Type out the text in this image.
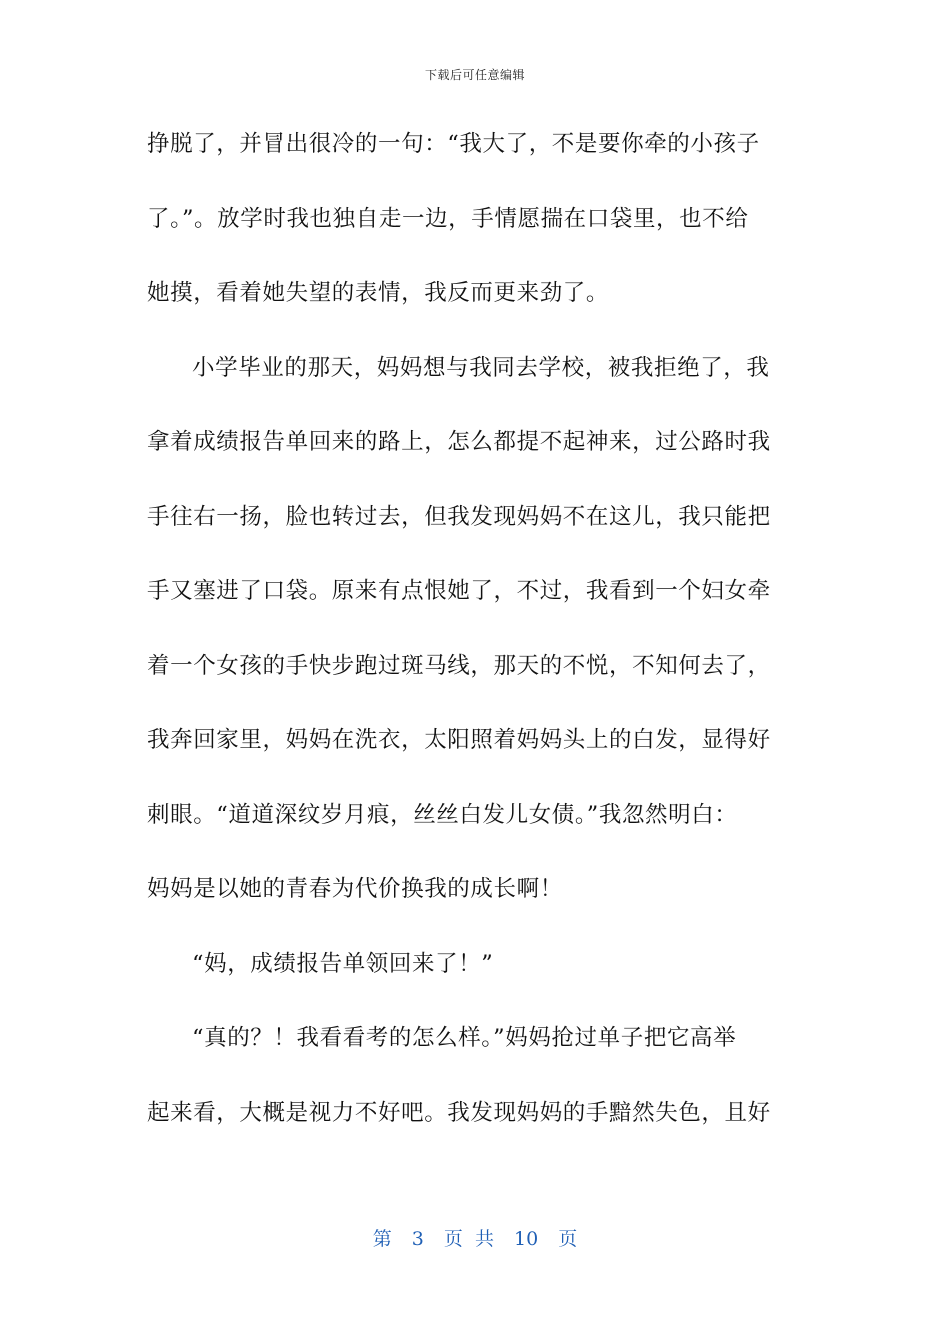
下载后可任意编辑
挣脱了，并冒出很冷的一句：“我大了，不是要你牵的小孩子
了。”。放学时我也独自走一边，手情愿揣在口袋里，也不给
她摸，看着她失望的表情，我反而更来劲了。
小学毕业的那天，妈妈想与我同去学校，被我拒绝了，我
拿着成绩报告单回来的路上，怎么都提不起神来，过公路时我
手往右一扬，脸也转过去，但我发现妈妈不在这儿，我只能把
手又塞进了口袋。原来有点恨她了，不过，我看到一个妇女牵
着一个女孩的手快步跑过斑马线，那天的不悦，不知何去了，
我奔回家里，妈妈在洗衣，太阳照着妈妈头上的白发，显得好
刺眼。“道道深纹岁月痕，丝丝白发儿女债。”我忽然明白：
妈妈是以她的青春为代价换我的成长啊！
“妈，成绩报告单领回来了！”
“真的？！我看看考的怎么样。”妈妈抢过单子把它高举
起来看，大概是视力不好吧。我发现妈妈的手黯然失色，且好
第 3 页 共 10 页
